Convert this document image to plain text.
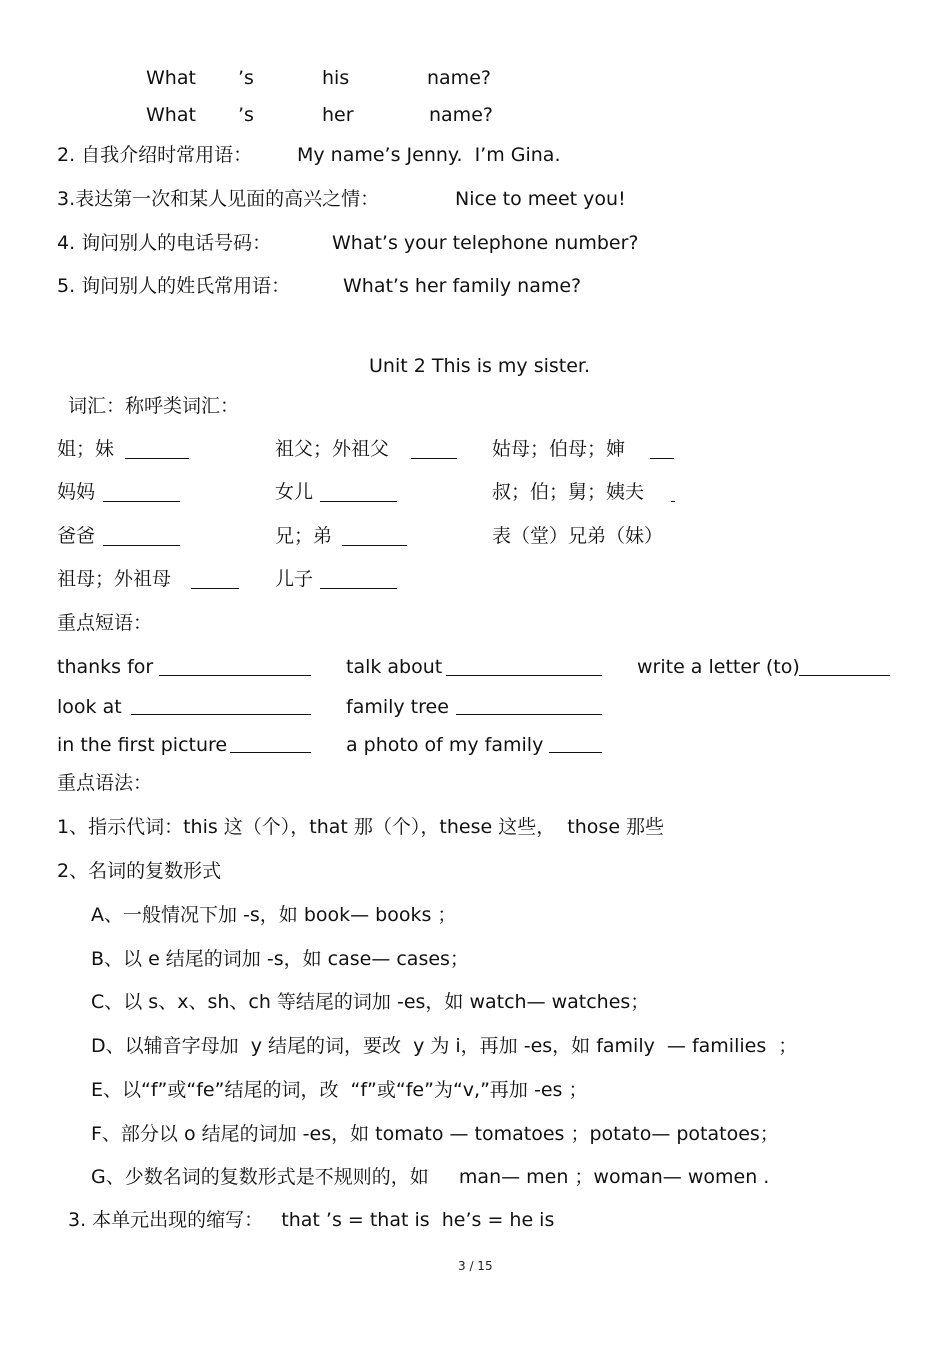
What ’s	his	name?
What ’s	her	name?
2. 自我介绍时常用语： My name’s Jenny.  I’m Gina.
3.表达第一次和某人见面的高兴之情：	Nice to meet you!
4. 询问别人的电话号码：	What’s your telephone number?
5. 询问别人的姓氏常用语：	What’s her family name?
Unit 2 This is my sister.
词汇：称呼类词汇：
姐；妹	祖父；外祖父	姑母；伯母；婶
妈妈	女儿	叔；伯；舅；姨夫
爸爸	兄；弟	表（堂）兄弟（妹）
祖母；外祖母	儿子
重点短语：
thanks for	talk about	write a letter (to)
look at	family tree
in the first picture	a photo of my family
重点语法：
1、指示代词：this 这（个），that 那（个），these 这些，  those 那些
2、名词的复数形式
A、一般情况下加 -s，如 book— books ；
B、以 e 结尾的词加 -s，如 case— cases；
C、以 s、x、sh、ch 等结尾的词加 -es，如 watch— watches；
D、以辅音字母加  y 结尾的词，要改  y 为 i，再加 -es，如 family  — families  ；
E、以“f”或“fe”结尾的词，改  “f”或“fe”为“v,”再加 -es ；
F、部分以 o 结尾的词加 -es，如 tomato — tomatoes ；potato— potatoes；
G、少数名词的复数形式是不规则的，如     man— men ；woman— women .
3. 本单元出现的缩写：   that ’s = that is  he’s = he is
3 / 15
